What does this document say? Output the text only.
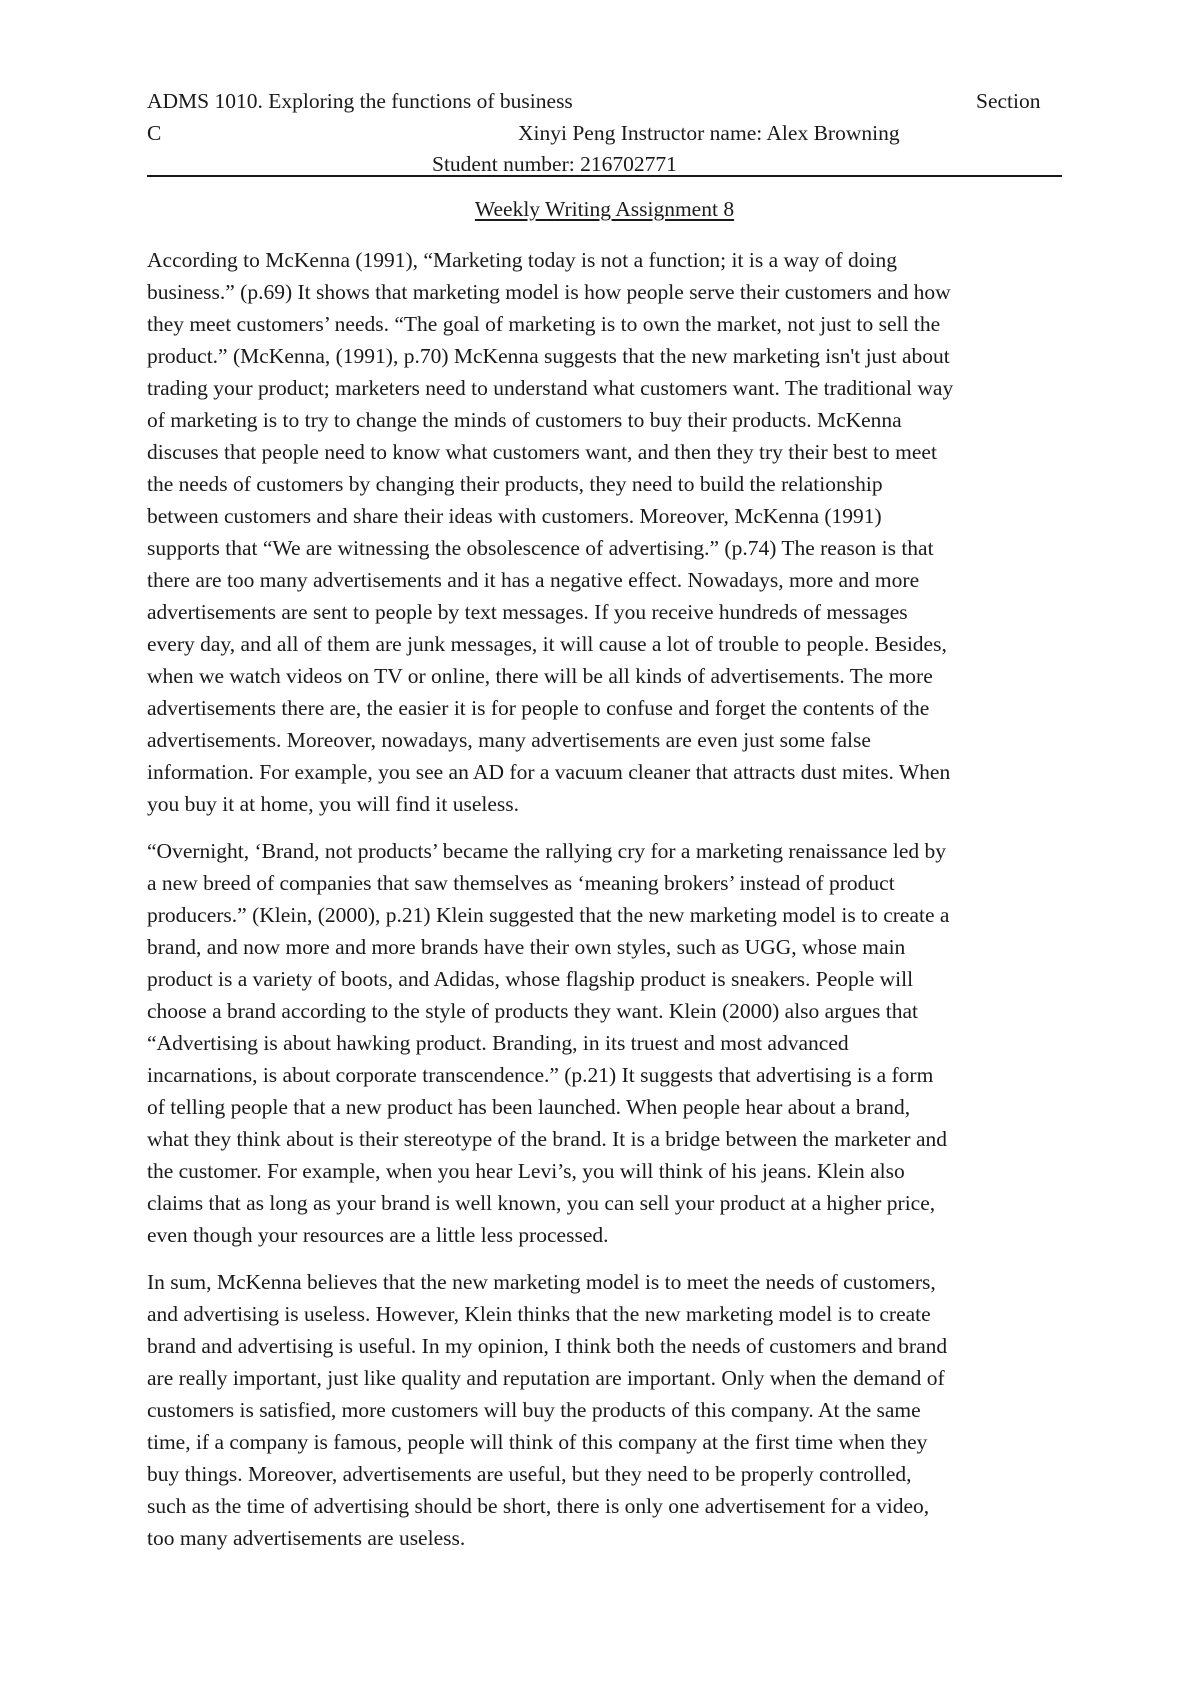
ADMS 1010. Exploring the functions of business	Section
C	Xinyi Peng Instructor name: Alex Browning
Student number: 216702771
Weekly Writing Assignment 8
According to McKenna (1991), “Marketing today is not a function; it is a way of doing
business.” (p.69) It shows that marketing model is how people serve their customers and how
they meet customers’ needs. “The goal of marketing is to own the market, not just to sell the
product.” (McKenna, (1991), p.70) McKenna suggests that the new marketing isn't just about
trading your product; marketers need to understand what customers want. The traditional way
of marketing is to try to change the minds of customers to buy their products. McKenna
discuses that people need to know what customers want, and then they try their best to meet
the needs of customers by changing their products, they need to build the relationship
between customers and share their ideas with customers. Moreover, McKenna (1991)
supports that “We are witnessing the obsolescence of advertising.” (p.74) The reason is that
there are too many advertisements and it has a negative effect. Nowadays, more and more
advertisements are sent to people by text messages. If you receive hundreds of messages
every day, and all of them are junk messages, it will cause a lot of trouble to people. Besides,
when we watch videos on TV or online, there will be all kinds of advertisements. The more
advertisements there are, the easier it is for people to confuse and forget the contents of the
advertisements. Moreover, nowadays, many advertisements are even just some false
information. For example, you see an AD for a vacuum cleaner that attracts dust mites. When
you buy it at home, you will find it useless.
“Overnight, ‘Brand, not products’ became the rallying cry for a marketing renaissance led by
a new breed of companies that saw themselves as ‘meaning brokers’ instead of product
producers.” (Klein, (2000), p.21) Klein suggested that the new marketing model is to create a
brand, and now more and more brands have their own styles, such as UGG, whose main
product is a variety of boots, and Adidas, whose flagship product is sneakers. People will
choose a brand according to the style of products they want. Klein (2000) also argues that
“Advertising is about hawking product. Branding, in its truest and most advanced
incarnations, is about corporate transcendence.” (p.21) It suggests that advertising is a form
of telling people that a new product has been launched. When people hear about a brand,
what they think about is their stereotype of the brand. It is a bridge between the marketer and
the customer. For example, when you hear Levi’s, you will think of his jeans. Klein also
claims that as long as your brand is well known, you can sell your product at a higher price,
even though your resources are a little less processed.
In sum, McKenna believes that the new marketing model is to meet the needs of customers,
and advertising is useless. However, Klein thinks that the new marketing model is to create
brand and advertising is useful. In my opinion, I think both the needs of customers and brand
are really important, just like quality and reputation are important. Only when the demand of
customers is satisfied, more customers will buy the products of this company. At the same
time, if a company is famous, people will think of this company at the first time when they
buy things. Moreover, advertisements are useful, but they need to be properly controlled,
such as the time of advertising should be short, there is only one advertisement for a video,
too many advertisements are useless.
